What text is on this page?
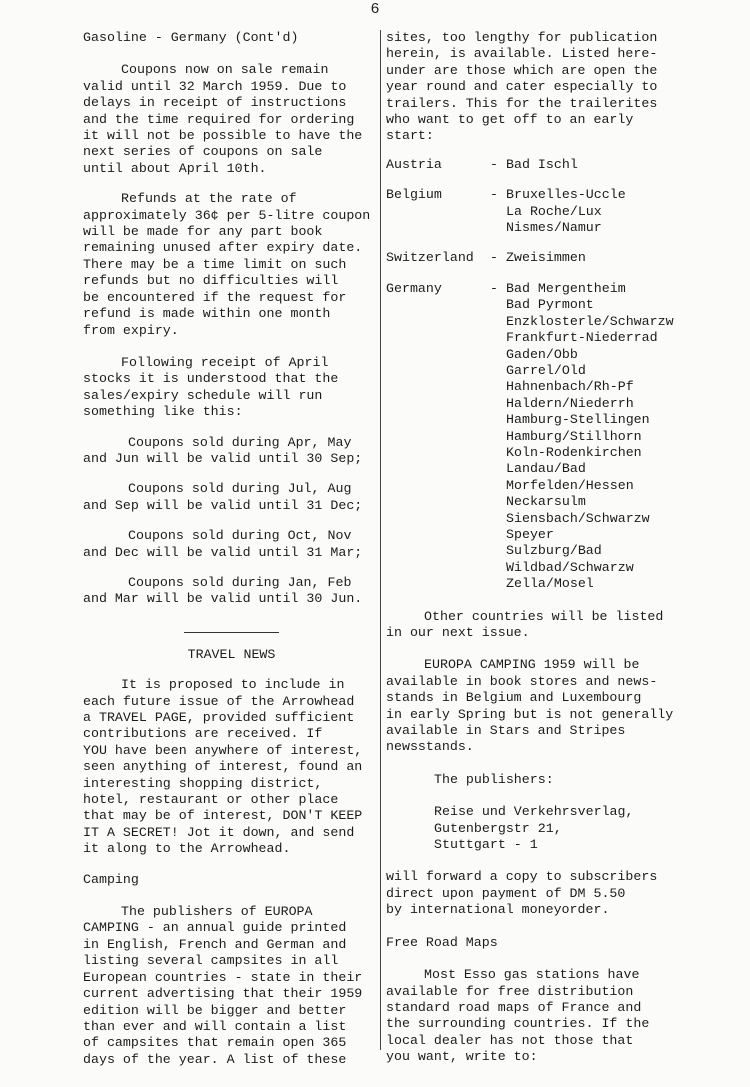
6

Gasoline - Germany (Cont'd)

Coupons now on sale remain

valid until 32 March 1959. Due to

delays in receipt of instructions

and the time required for ordering

it will not be possible to have the

next series of coupons on sale

until about April 10th.

Refunds at the rate of

approximately 36¢ per 5-litre coupon

will be made for any part book

remaining unused after expiry date.

There may be a time limit on such

refunds but no difficulties will

be encountered if the request for

refund is made within one month

from expiry.

Following receipt of April

stocks it is understood that the

sales/expiry schedule will run

something like this:

Coupons sold during Apr, May

and Jun will be valid until 30 Sep;

Coupons sold during Jul, Aug

and Sep will be valid until 31 Dec;

Coupons sold during Oct, Nov

and Dec will be valid until 31 Mar;

Coupons sold during Jan, Feb

and Mar will be valid until 30 Jun.

TRAVEL NEWS

It is proposed to include in

each future issue of the Arrowhead

a TRAVEL PAGE, provided sufficient

contributions are received. If

YOU have been anywhere of interest,

seen anything of interest, found an

interesting shopping district,

hotel, restaurant or other place

that may be of interest, DON'T KEEP

IT A SECRET! Jot it down, and send

it along to the Arrowhead.

Camping

The publishers of EUROPA

CAMPING - an annual guide printed

in English, French and German and

listing several campsites in all

European countries - state in their

current advertising that their 1959

edition will be bigger and better

than ever and will contain a list

of campsites that remain open 365

days of the year. A list of these

sites, too lengthy for publication

herein, is available. Listed here-

under are those which are open the

year round and cater especially to

trailers. This for the trailerites

who want to get off to an early

start:

Austria	- Bad Ischl

Belgium	- Bruxelles-Uccle

La Roche/Lux

Nismes/Namur

Switzerland	- Zweisimmen

Germany	- Bad Mergentheim

Bad Pyrmont

Enzklosterle/Schwarzw

Frankfurt-Niederrad

Gaden/Obb

Garrel/Old

Hahnenbach/Rh-Pf

Haldern/Niederrh

Hamburg-Stellingen

Hamburg/Stillhorn

Koln-Rodenkirchen

Landau/Bad

Morfelden/Hessen

Neckarsulm

Siensbach/Schwarzw

Speyer

Sulzburg/Bad

Wildbad/Schwarzw

Zella/Mosel

Other countries will be listed

in our next issue.

EUROPA CAMPING 1959 will be

available in book stores and news-

stands in Belgium and Luxembourg

in early Spring but is not generally

available in Stars and Stripes

newsstands.

The publishers:

Reise und Verkehrsverlag,

Gutenbergstr 21,

Stuttgart - 1

will forward a copy to subscribers

direct upon payment of DM 5.50

by international moneyorder.

Free Road Maps

Most Esso gas stations have

available for free distribution

standard road maps of France and

the surrounding countries. If the

local dealer has not those that

you want, write to:
